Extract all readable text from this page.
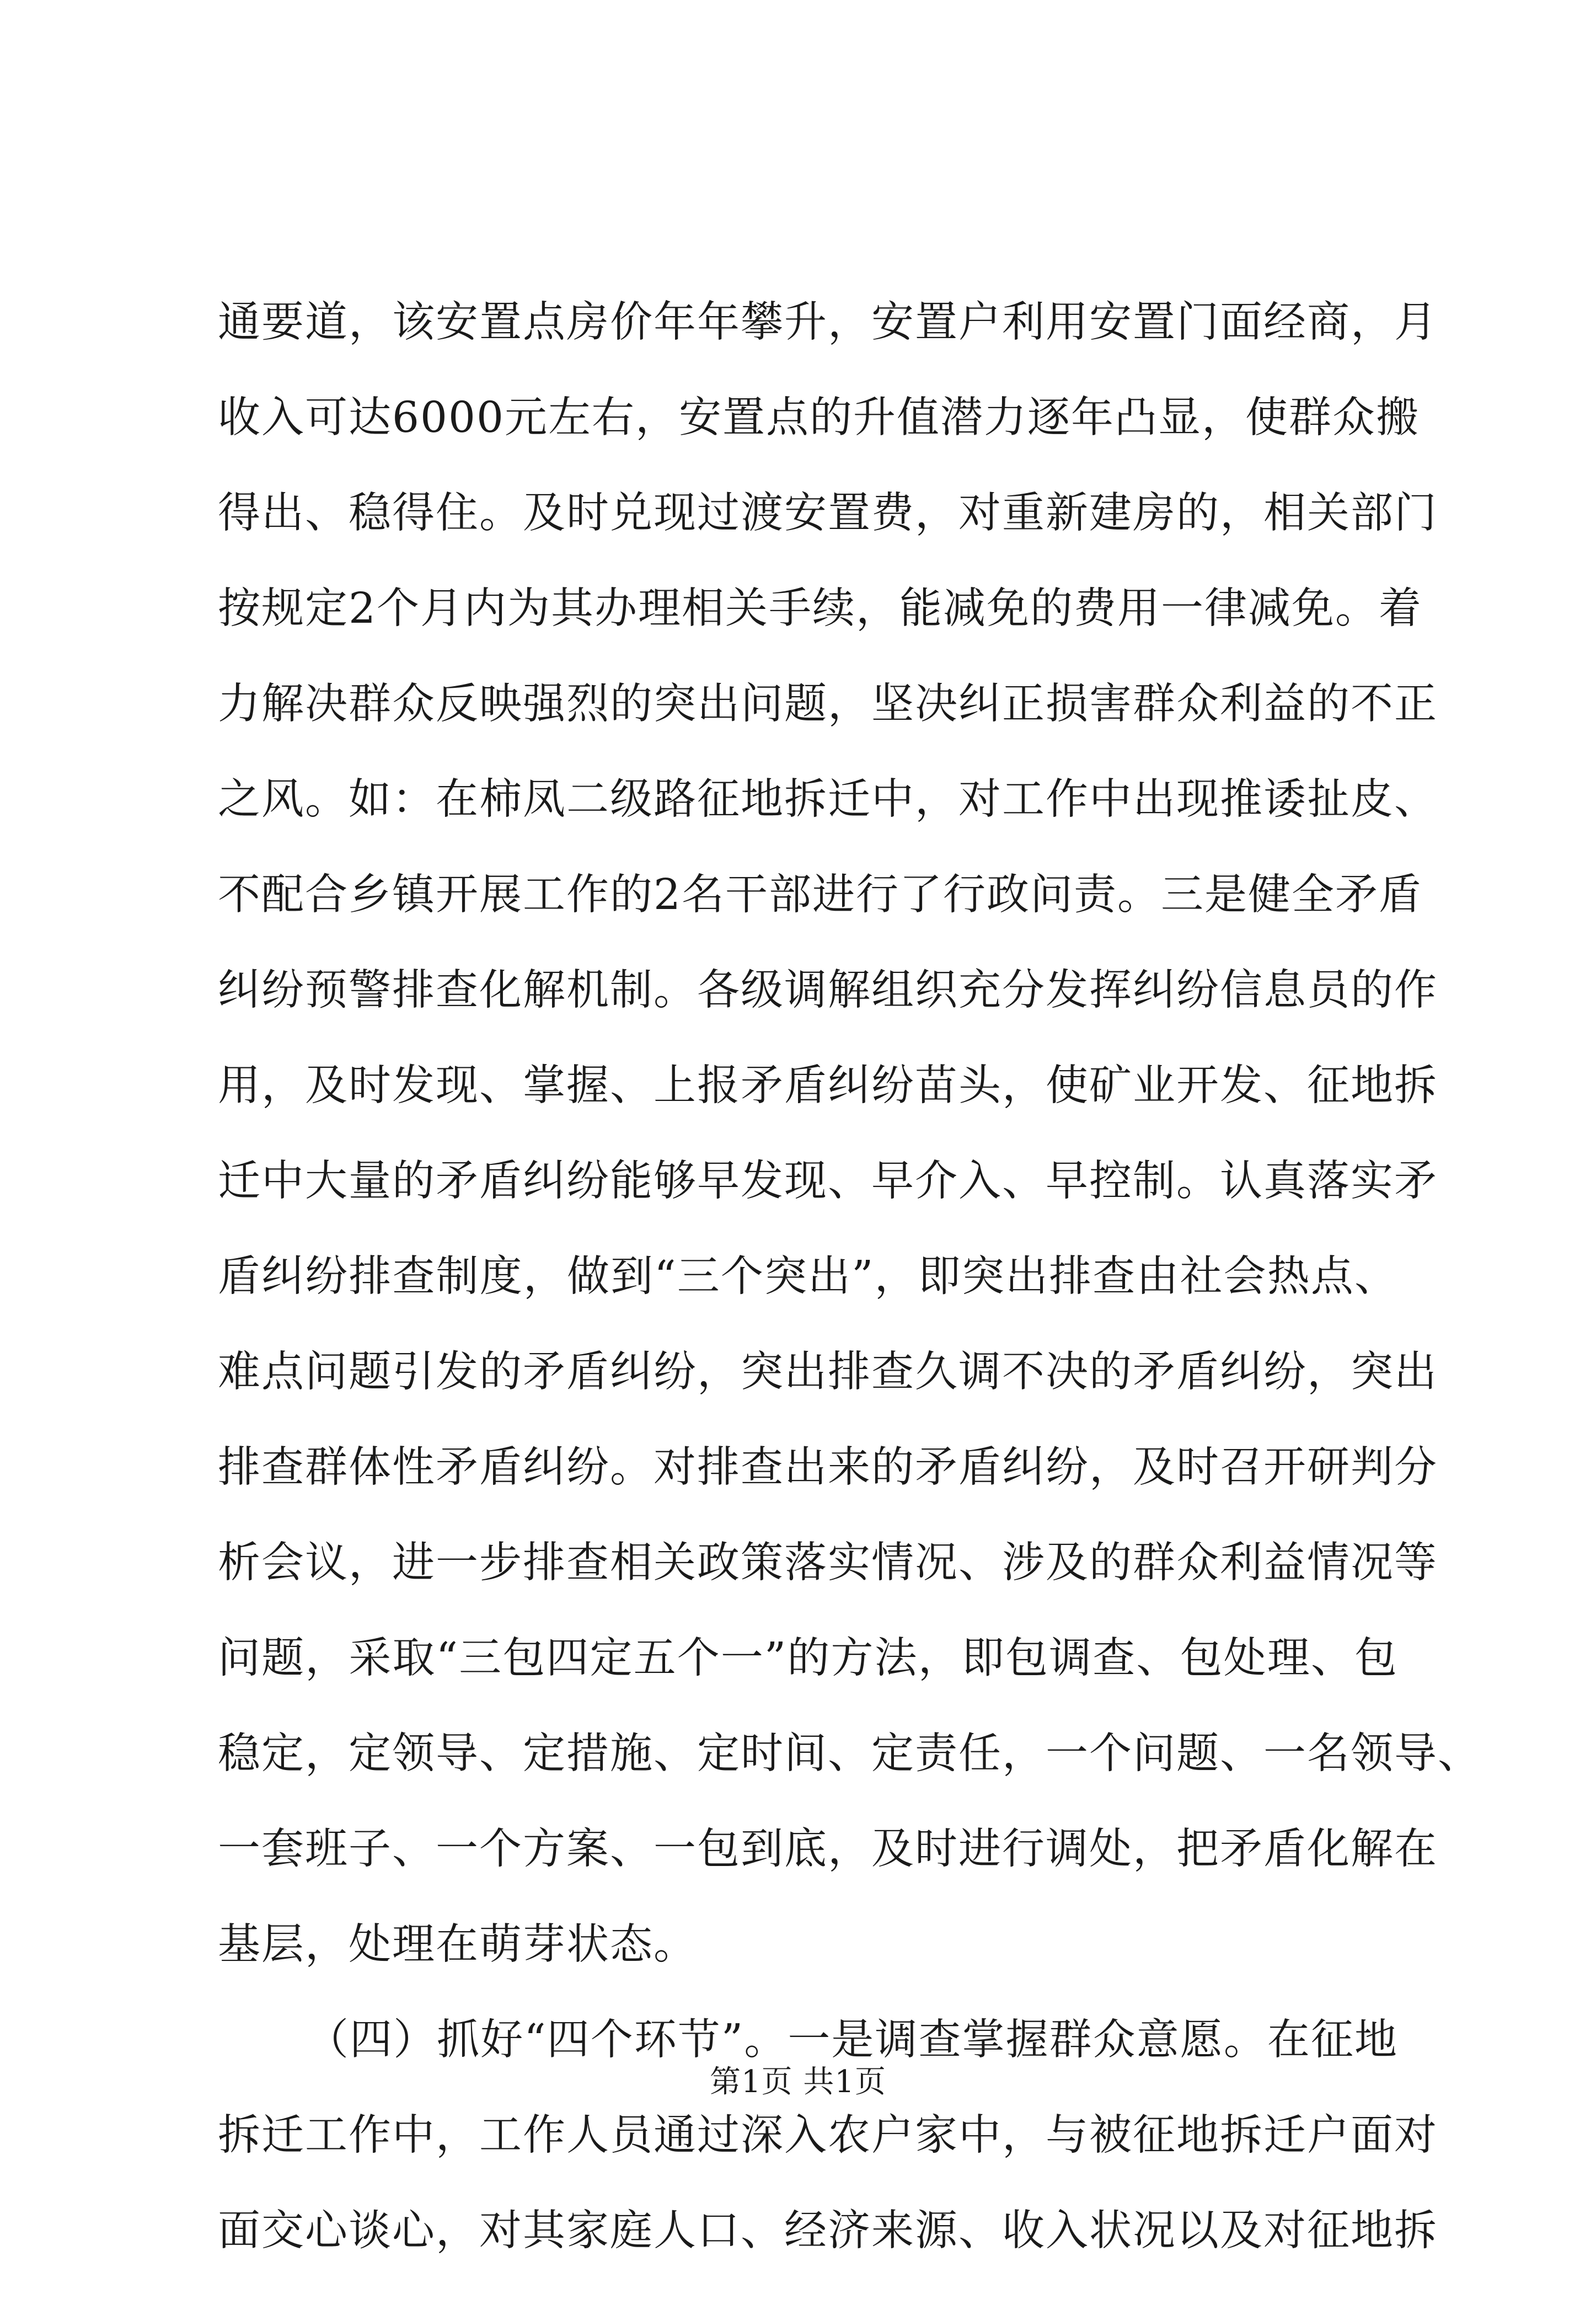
通要道，该安置点房价年年攀升，安置户利用安置门面经商，月
收入可达6000元左右，安置点的升值潜力逐年凸显，使群众搬
得出、稳得住。及时兑现过渡安置费，对重新建房的，相关部门
按规定2个月内为其办理相关手续，能减免的费用一律减免。着
力解决群众反映强烈的突出问题，坚决纠正损害群众利益的不正
之风。如：在柿凤二级路征地拆迁中，对工作中出现推诿扯皮、
不配合乡镇开展工作的2名干部进行了行政问责。三是健全矛盾
纠纷预警排查化解机制。各级调解组织充分发挥纠纷信息员的作
用，及时发现、掌握、上报矛盾纠纷苗头，使矿业开发、征地拆
迁中大量的矛盾纠纷能够早发现、早介入、早控制。认真落实矛
盾纠纷排查制度，做到“三个突出”，即突出排查由社会热点、
难点问题引发的矛盾纠纷，突出排查久调不决的矛盾纠纷，突出
排查群体性矛盾纠纷。对排查出来的矛盾纠纷，及时召开研判分
析会议，进一步排查相关政策落实情况、涉及的群众利益情况等
问题，采取“三包四定五个一”的方法，即包调查、包处理、包
稳定，定领导、定措施、定时间、定责任，一个问题、一名领导、
一套班子、一个方案、一包到底，及时进行调处，把矛盾化解在
基层，处理在萌芽状态。
（四）抓好“四个环节”。一是调查掌握群众意愿。在征地
拆迁工作中，工作人员通过深入农户家中，与被征地拆迁户面对
面交心谈心，对其家庭人口、经济来源、收入状况以及对征地拆
第1页 共1页
